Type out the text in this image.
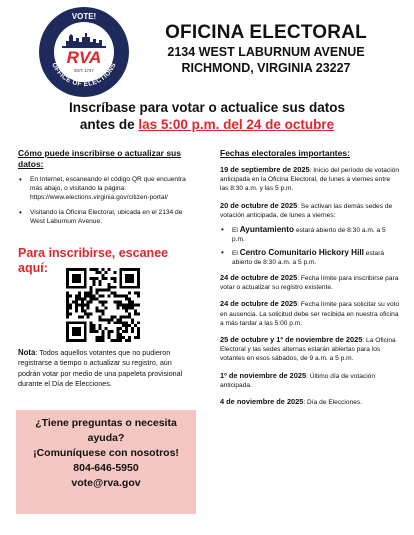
VOTE!
OFFICE OF ELECTIONS
RVA
EST. 1737
OFICINA ELECTORAL
2134 WEST LABURNUM AVENUE
RICHMOND, VIRGINIA 23227
Inscríbase para votar o actualice sus datos
antes de las 5:00 p.m. del 24 de octubre
Cómo puede inscribirse o actualizar sus datos:
• En Internet, escaneando el código QR que encuentra más abajo, o visitando la página: https://www.elections.virginia.gov/citizen-portal/
• Visitando la Oficina Electoral, ubicada en el 2134 de West Laburnum Avenue.
Para inscribirse, escanee aquí:
Nota: Todos aquellos votantes que no pudieron registrarse a tiempo o actualizar su registro, aún podrán votar por medio de una papeleta provisional durante el Día de Elecciones.
¿Tiene preguntas o necesita
ayuda?
¡Comuníquese con nosotros!
804-646-5950
vote@rva.gov
Fechas electorales importantes:
19 de septiembre de 2025: Inicio del período de votación anticipada en la Oficina Electoral, de lunes a viernes entre las 8:30 a.m. y las 5 p.m.
20 de octubre de 2025: Se activan las demás sedes de votación anticipada, de lunes a viernes:
• El Ayuntamiento estará abierto de 8:30 a.m. a 5 p.m.
• El Centro Comunitario Hickory Hill estará abierto de 8:30 a.m. a 5 p.m.
24 de octubre de 2025: Fecha límite para inscribirse para votar o actualizar su registro existente.
24 de octubre de 2025: Fecha límite para solicitar su voto en ausencia. La solicitud debe ser recibida en nuestra oficina a más tardar a las 5:00 p.m.
25 de octubre y 1º de noviembre de 2025: La Oficina Electoral y las sedes alternas estarán abiertas para los votantes en esos sábados, de 9 a.m. a 5 p.m.
1º de noviembre de 2025: Último día de votación anticipada.
4 de noviembre de 2025: Día de Elecciones.
